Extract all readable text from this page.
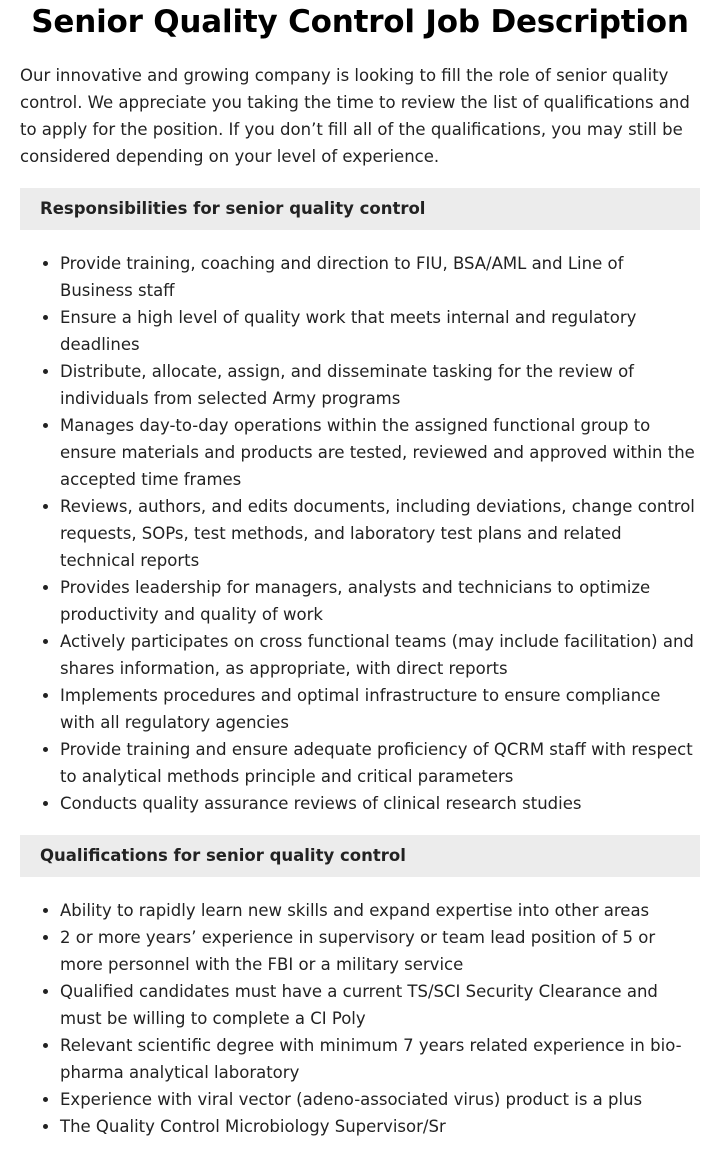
Senior Quality Control Job Description

Our innovative and growing company is looking to fill the role of senior quality control. We appreciate you taking the time to review the list of qualifications and to apply for the position. If you don’t fill all of the qualifications, you may still be considered depending on your level of experience.

Responsibilities for senior quality control
• Provide training, coaching and direction to FIU, BSA/AML and Line of Business staff
• Ensure a high level of quality work that meets internal and regulatory deadlines
• Distribute, allocate, assign, and disseminate tasking for the review of individuals from selected Army programs
• Manages day-to-day operations within the assigned functional group to ensure materials and products are tested, reviewed and approved within the accepted time frames
• Reviews, authors, and edits documents, including deviations, change control requests, SOPs, test methods, and laboratory test plans and related technical reports
• Provides leadership for managers, analysts and technicians to optimize productivity and quality of work
• Actively participates on cross functional teams (may include facilitation) and shares information, as appropriate, with direct reports
• Implements procedures and optimal infrastructure to ensure compliance with all regulatory agencies
• Provide training and ensure adequate proficiency of QCRM staff with respect to analytical methods principle and critical parameters
• Conducts quality assurance reviews of clinical research studies
Qualifications for senior quality control
• Ability to rapidly learn new skills and expand expertise into other areas
• 2 or more years’ experience in supervisory or team lead position of 5 or more personnel with the FBI or a military service
• Qualified candidates must have a current TS/SCI Security Clearance and must be willing to complete a CI Poly
• Relevant scientific degree with minimum 7 years related experience in bio-pharma analytical laboratory
• Experience with viral vector (adeno-associated virus) product is a plus
• The Quality Control Microbiology Supervisor/Sr
